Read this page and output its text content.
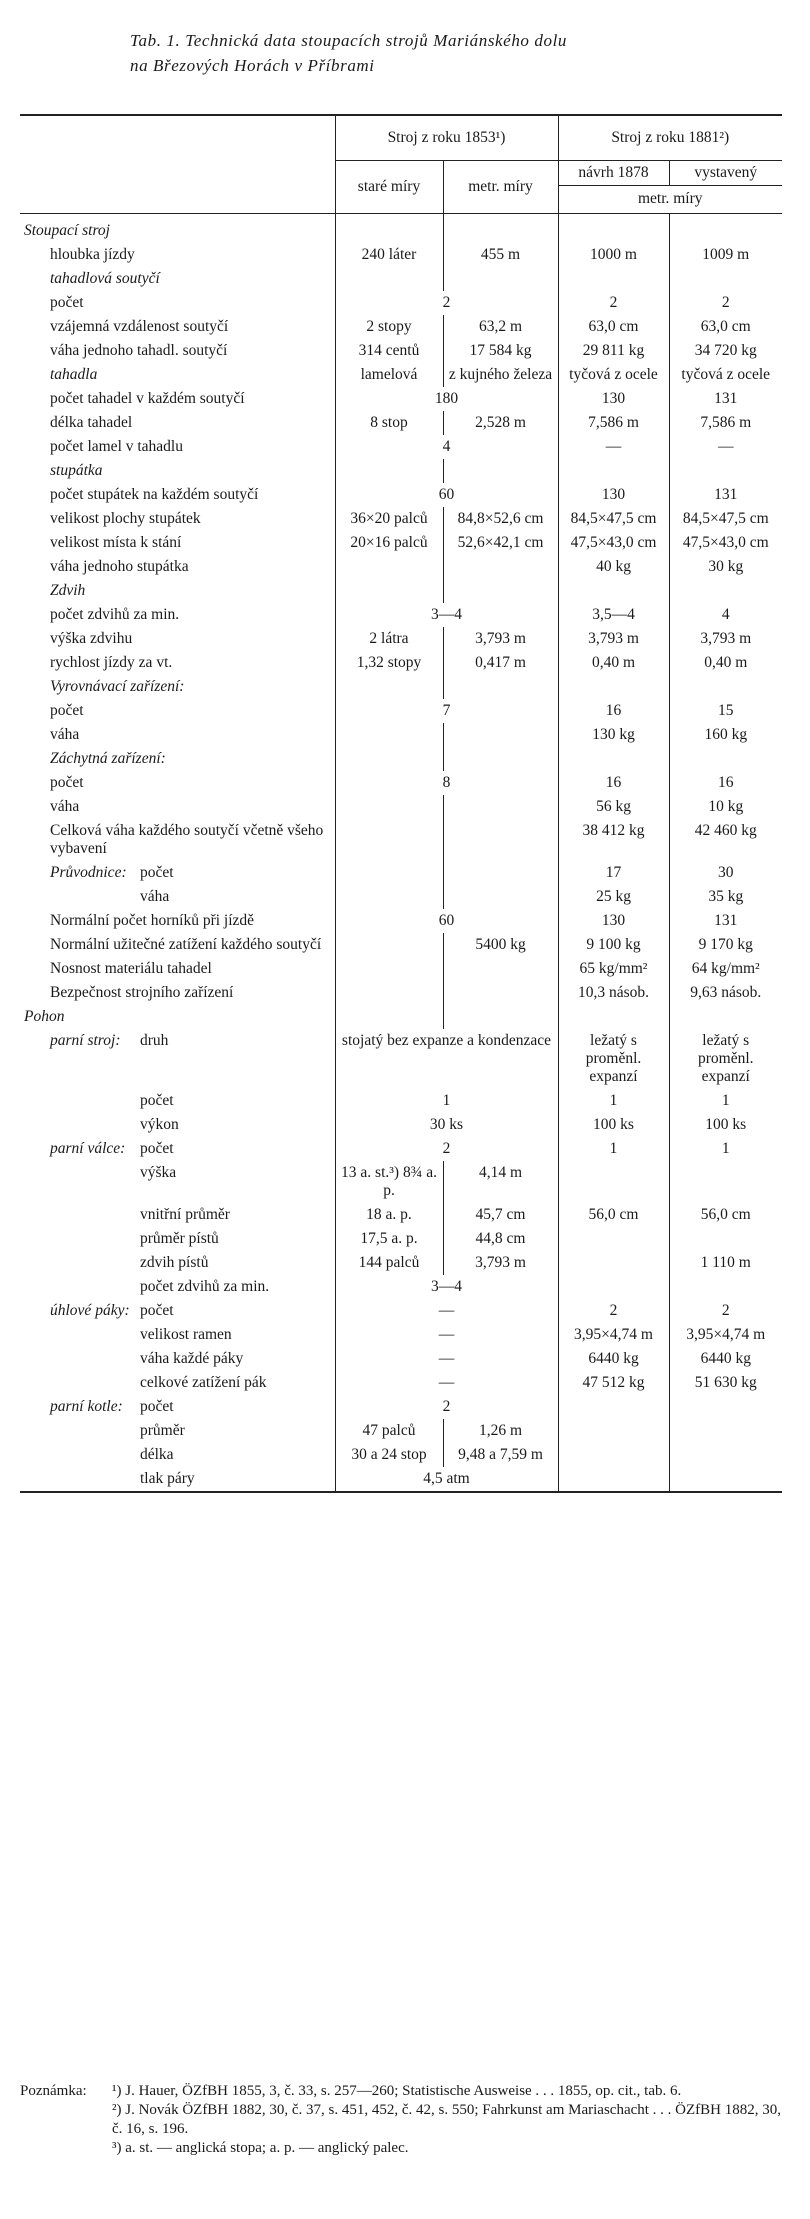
Tab. 1. Technická data stoupacích strojů Mariánského dolu
na Březových Horách v Příbrami
		Stroj z roku 1853¹)		Stroj z roku 1881²)	
		staré míry	metr. míry	návrh 1878	vystavený
				metr. míry	
Stoupací stroj					
hloubka jízdy		240 láter	455 m	1000 m	1009 m
tahadlová soutyčí					
počet		2		2	2
vzájemná vzdálenost soutyčí		2 stopy	63,2 m	63,0 cm	63,0 cm
váha jednoho tahadl. soutyčí		314 centů	17 584 kg	29 811 kg	34 720 kg
tahadla		lamelová	z kujného železa	tyčová z ocele	tyčová z ocele
počet tahadel v každém soutyčí		180		130	131
délka tahadel		8 stop	2,528 m	7,586 m	7,586 m
počet lamel v tahadlu		4		—	—
stupátka					
počet stupátek na každém soutyčí		60		130	131
velikost plochy stupátek		36×20 palců	84,8×52,6 cm	84,5×47,5 cm	84,5×47,5 cm
velikost místa k stání		20×16 palců	52,6×42,1 cm	47,5×43,0 cm	47,5×43,0 cm
váha jednoho stupátka				40 kg	30 kg
Zdvih					
počet zdvihů za min.		3—4		3,5—4	4
výška zdvihu		2 látra	3,793 m	3,793 m	3,793 m
rychlost jízdy za vt.		1,32 stopy	0,417 m	0,40 m	0,40 m
Vyrovnávací zařízení:					
počet		7		16	15
váha				130 kg	160 kg
Záchytná zařízení:					
počet		8		16	16
váha				56 kg	10 kg
Celková váha každého soutyčí včetně všeho vybavení				38 412 kg	42 460 kg
Průvodnice:	počet			17	30
	váha			25 kg	35 kg
Normální počet horníků při jízdě		60		130	131
Normální užitečné zatížení každého soutyčí			5400 kg	9 100 kg	9 170 kg
Nosnost materiálu tahadel				65 kg/mm²	64 kg/mm²
Bezpečnost strojního zařízení				10,3 násob.	9,63 násob.
Pohon					
parní stroj:	druh	stojatý bez expanze a kondenzace		ležatý s proměnl. expanzí	ležatý s proměnl. expanzí
	počet	1		1	1
	výkon	30 ks		100 ks	100 ks
parní válce:	počet	2		1	1
	výška	13 a. st.³) 8¾ a. p.	4,14 m		
	vnitřní průměr	18 a. p.	45,7 cm	56,0 cm	56,0 cm
	průměr pístů	17,5 a. p.	44,8 cm		
	zdvih pístů	144 palců	3,793 m		1 110 m
	počet zdvihů za min.	3—4			
úhlové páky:	počet	—		2	2
	velikost ramen	—		3,95×4,74 m	3,95×4,74 m
	váha každé páky	—		6440 kg	6440 kg
	celkové zatížení pák	—		47 512 kg	51 630 kg
parní kotle:	počet	2			
	průměr	47 palců	1,26 m		
	délka	30 a 24 stop	9,48 a 7,59 m		
	tlak páry	4,5 atm			
Poznámka: ¹) J. Hauer, ÖZfBH 1855, 3, č. 33, s. 257—260; Statistische Ausweise . . . 1855, op. cit., tab. 6.
²) J. Novák ÖZfBH 1882, 30, č. 37, s. 451, 452, č. 42, s. 550; Fahrkunst am Mariaschacht . . . ÖZfBH 1882, 30, č. 16, s. 196.
³) a. st. — anglická stopa; a. p. — anglický palec.
